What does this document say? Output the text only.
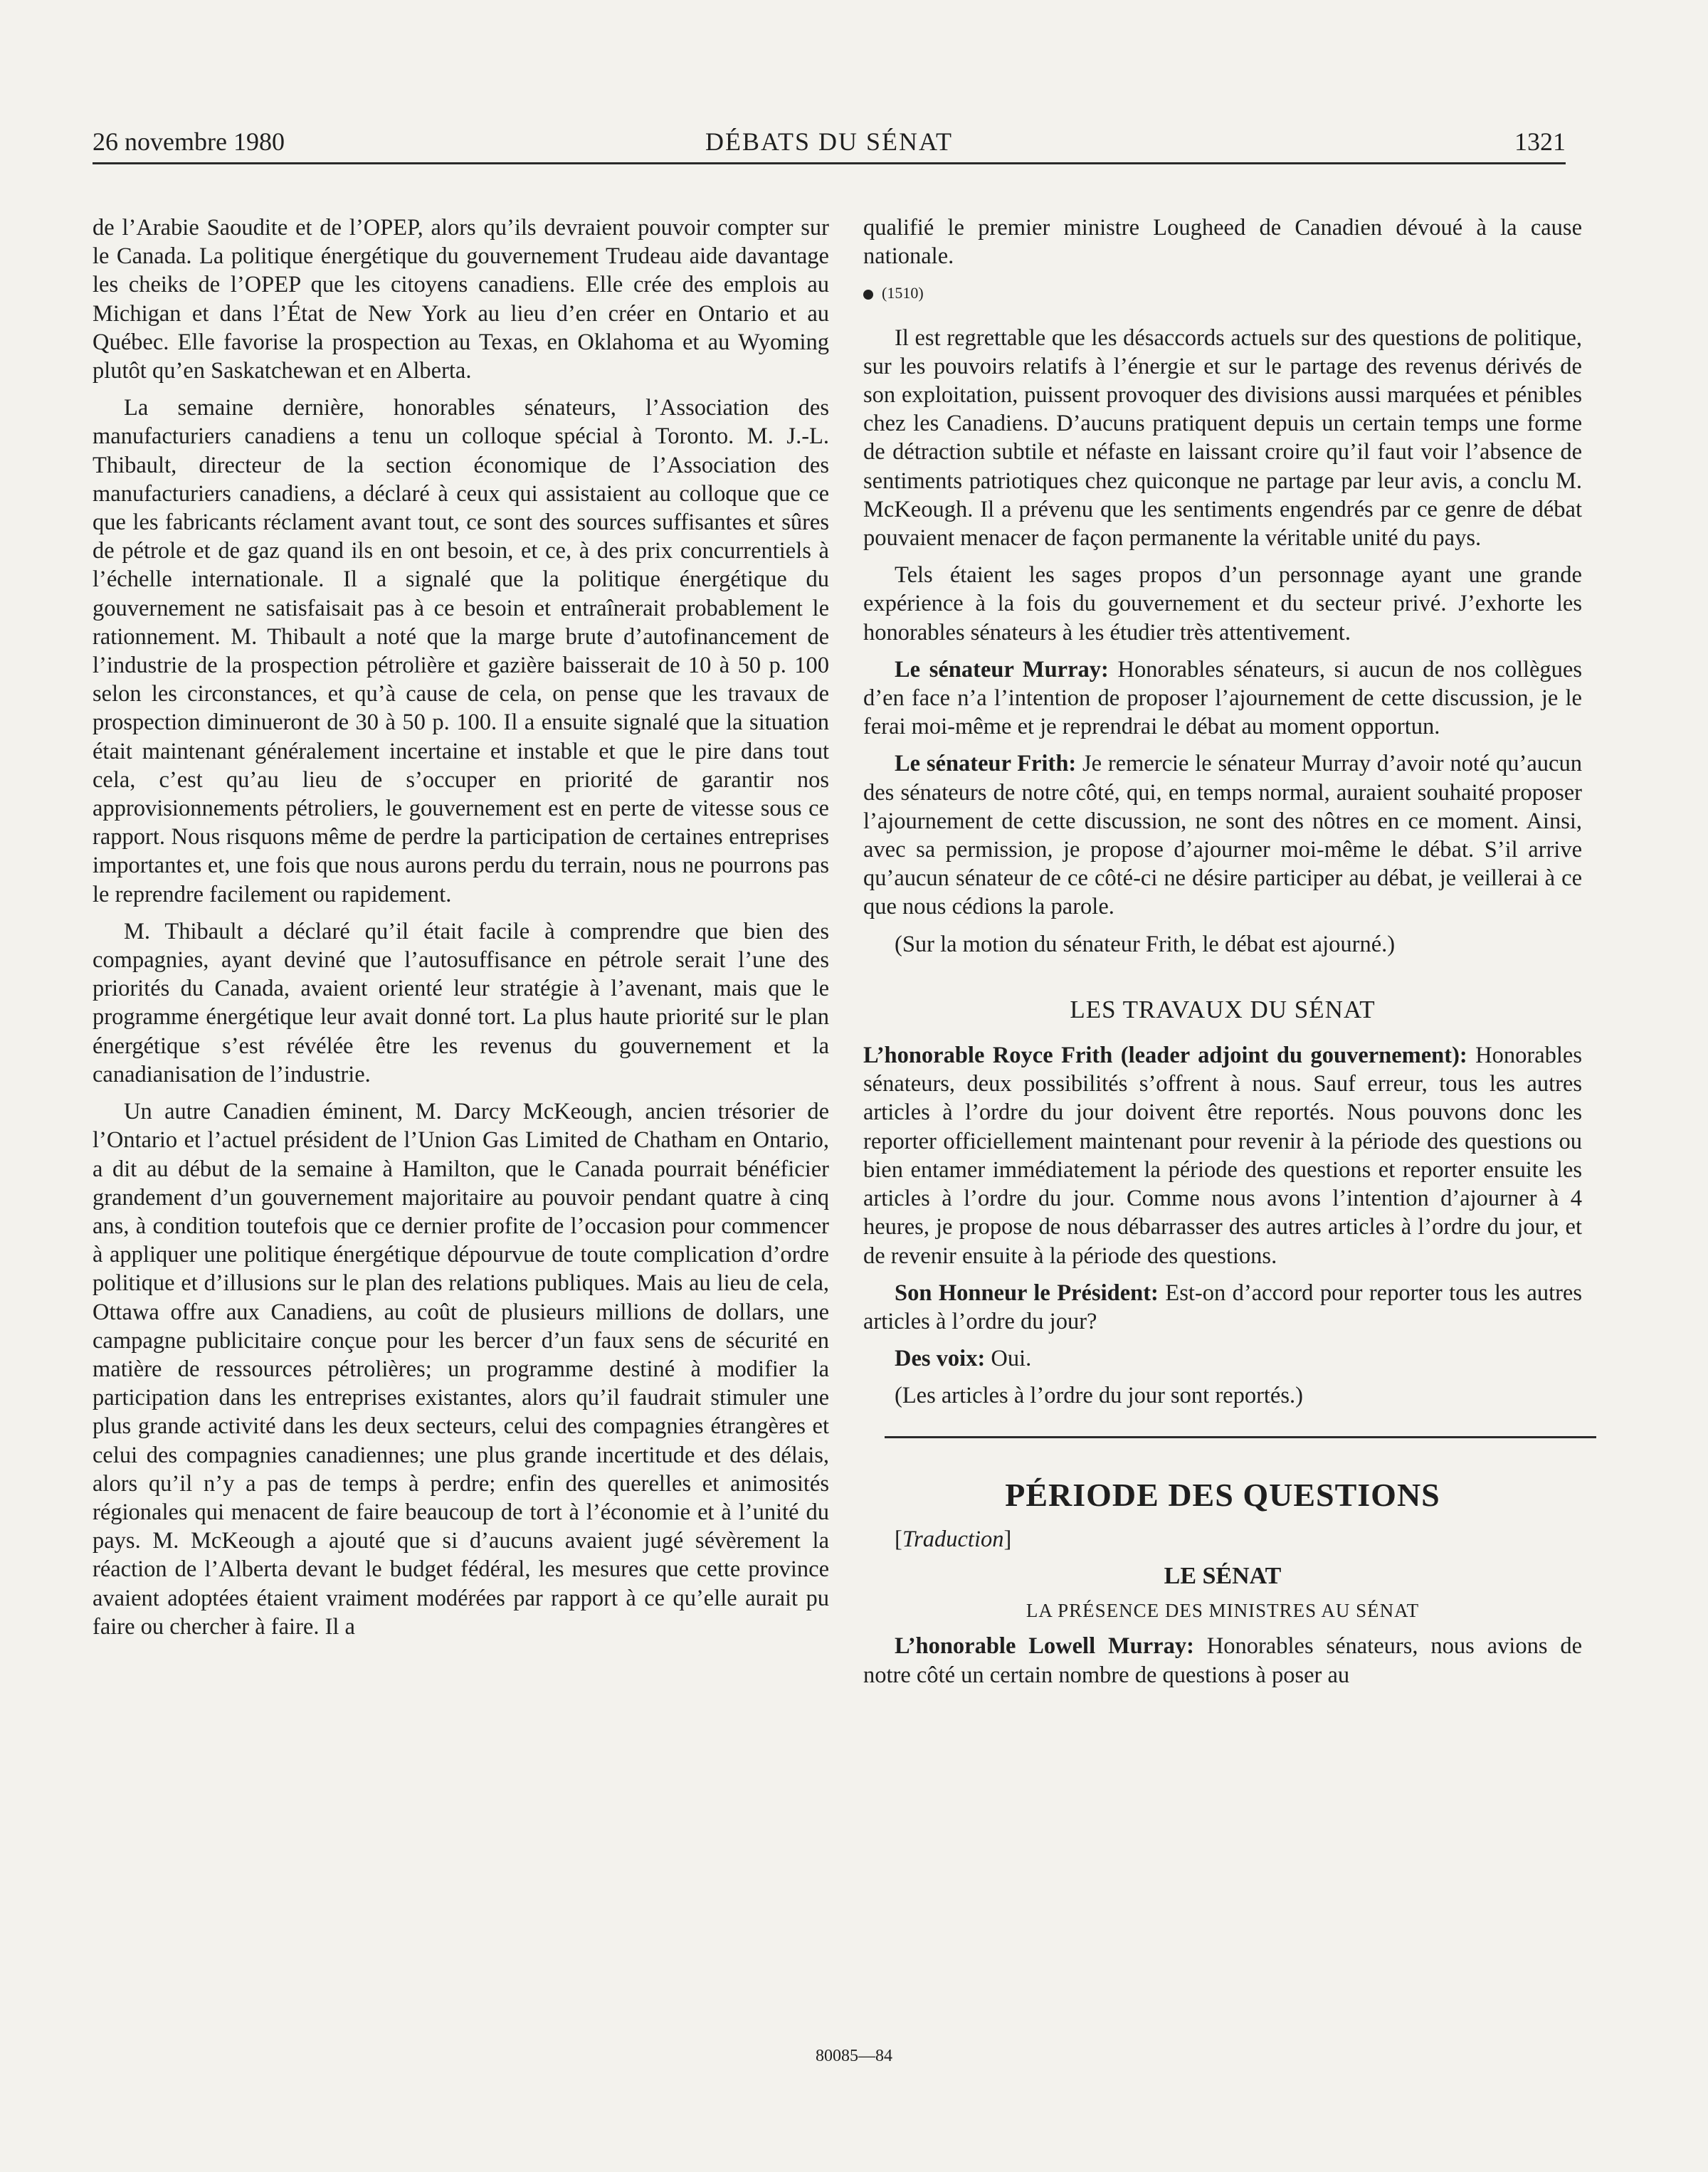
26 novembre 1980	DÉBATS DU SÉNAT	1321

de l’Arabie Saoudite et de l’OPEP, alors qu’ils devraient pouvoir compter sur le Canada. La politique énergétique du gouvernement Trudeau aide davantage les cheiks de l’OPEP que les citoyens canadiens. Elle crée des emplois au Michigan et dans l’État de New York au lieu d’en créer en Ontario et au Québec. Elle favorise la prospection au Texas, en Oklahoma et au Wyoming plutôt qu’en Saskatchewan et en Alberta.

La semaine dernière, honorables sénateurs, l’Association des manufacturiers canadiens a tenu un colloque spécial à Toronto. M. J.-L. Thibault, directeur de la section économique de l’Association des manufacturiers canadiens, a déclaré à ceux qui assistaient au colloque que ce que les fabricants réclament avant tout, ce sont des sources suffisantes et sûres de pétrole et de gaz quand ils en ont besoin, et ce, à des prix concurrentiels à l’échelle internationale. Il a signalé que la politique énergétique du gouvernement ne satisfaisait pas à ce besoin et entraînerait probablement le rationnement. M. Thibault a noté que la marge brute d’autofinancement de l’industrie de la prospection pétrolière et gazière baisserait de 10 à 50 p. 100 selon les circonstances, et qu’à cause de cela, on pense que les travaux de prospection diminueront de 30 à 50 p. 100. Il a ensuite signalé que la situation était maintenant généralement incertaine et instable et que le pire dans tout cela, c’est qu’au lieu de s’occuper en priorité de garantir nos approvisionnements pétroliers, le gouvernement est en perte de vitesse sous ce rapport. Nous risquons même de perdre la participation de certaines entreprises importantes et, une fois que nous aurons perdu du terrain, nous ne pourrons pas le reprendre facilement ou rapidement.

M. Thibault a déclaré qu’il était facile à comprendre que bien des compagnies, ayant deviné que l’autosuffisance en pétrole serait l’une des priorités du Canada, avaient orienté leur stratégie à l’avenant, mais que le programme énergétique leur avait donné tort. La plus haute priorité sur le plan énergétique s’est révélée être les revenus du gouvernement et la canadianisation de l’industrie.

Un autre Canadien éminent, M. Darcy McKeough, ancien trésorier de l’Ontario et l’actuel président de l’Union Gas Limited de Chatham en Ontario, a dit au début de la semaine à Hamilton, que le Canada pourrait bénéficier grandement d’un gouvernement majoritaire au pouvoir pendant quatre à cinq ans, à condition toutefois que ce dernier profite de l’occasion pour commencer à appliquer une politique énergétique dépourvue de toute complication d’ordre politique et d’illusions sur le plan des relations publiques. Mais au lieu de cela, Ottawa offre aux Canadiens, au coût de plusieurs millions de dollars, une campagne publicitaire conçue pour les bercer d’un faux sens de sécurité en matière de ressources pétrolières; un programme destiné à modifier la participation dans les entreprises existantes, alors qu’il faudrait stimuler une plus grande activité dans les deux secteurs, celui des compagnies étrangères et celui des compagnies canadiennes; une plus grande incertitude et des délais, alors qu’il n’y a pas de temps à perdre; enfin des querelles et animosités régionales qui menacent de faire beaucoup de tort à l’économie et à l’unité du pays. M. McKeough a ajouté que si d’aucuns avaient jugé sévèrement la réaction de l’Alberta devant le budget fédéral, les mesures que cette province avaient adoptées étaient vraiment modérées par rapport à ce qu’elle aurait pu faire ou chercher à faire. Il a

qualifié le premier ministre Lougheed de Canadien dévoué à la cause nationale.

(1510)

Il est regrettable que les désaccords actuels sur des questions de politique, sur les pouvoirs relatifs à l’énergie et sur le partage des revenus dérivés de son exploitation, puissent provoquer des divisions aussi marquées et pénibles chez les Canadiens. D’aucuns pratiquent depuis un certain temps une forme de détraction subtile et néfaste en laissant croire qu’il faut voir l’absence de sentiments patriotiques chez quiconque ne partage par leur avis, a conclu M. McKeough. Il a prévenu que les sentiments engendrés par ce genre de débat pouvaient menacer de façon permanente la véritable unité du pays.

Tels étaient les sages propos d’un personnage ayant une grande expérience à la fois du gouvernement et du secteur privé. J’exhorte les honorables sénateurs à les étudier très attentivement.

Le sénateur Murray: Honorables sénateurs, si aucun de nos collègues d’en face n’a l’intention de proposer l’ajournement de cette discussion, je le ferai moi-même et je reprendrai le débat au moment opportun.

Le sénateur Frith: Je remercie le sénateur Murray d’avoir noté qu’aucun des sénateurs de notre côté, qui, en temps normal, auraient souhaité proposer l’ajournement de cette discussion, ne sont des nôtres en ce moment. Ainsi, avec sa permission, je propose d’ajourner moi-même le débat. S’il arrive qu’aucun sénateur de ce côté-ci ne désire participer au débat, je veillerai à ce que nous cédions la parole.

(Sur la motion du sénateur Frith, le débat est ajourné.)

LES TRAVAUX DU SÉNAT

L’honorable Royce Frith (leader adjoint du gouvernement): Honorables sénateurs, deux possibilités s’offrent à nous. Sauf erreur, tous les autres articles à l’ordre du jour doivent être reportés. Nous pouvons donc les reporter officiellement maintenant pour revenir à la période des questions ou bien entamer immédiatement la période des questions et reporter ensuite les articles à l’ordre du jour. Comme nous avons l’intention d’ajourner à 4 heures, je propose de nous débarrasser des autres articles à l’ordre du jour, et de revenir ensuite à la période des questions.

Son Honneur le Président: Est-on d’accord pour reporter tous les autres articles à l’ordre du jour?

Des voix: Oui.

(Les articles à l’ordre du jour sont reportés.)

PÉRIODE DES QUESTIONS

[Traduction]

LE SÉNAT
LA PRÉSENCE DES MINISTRES AU SÉNAT

L’honorable Lowell Murray: Honorables sénateurs, nous avions de notre côté un certain nombre de questions à poser au

80085—84
